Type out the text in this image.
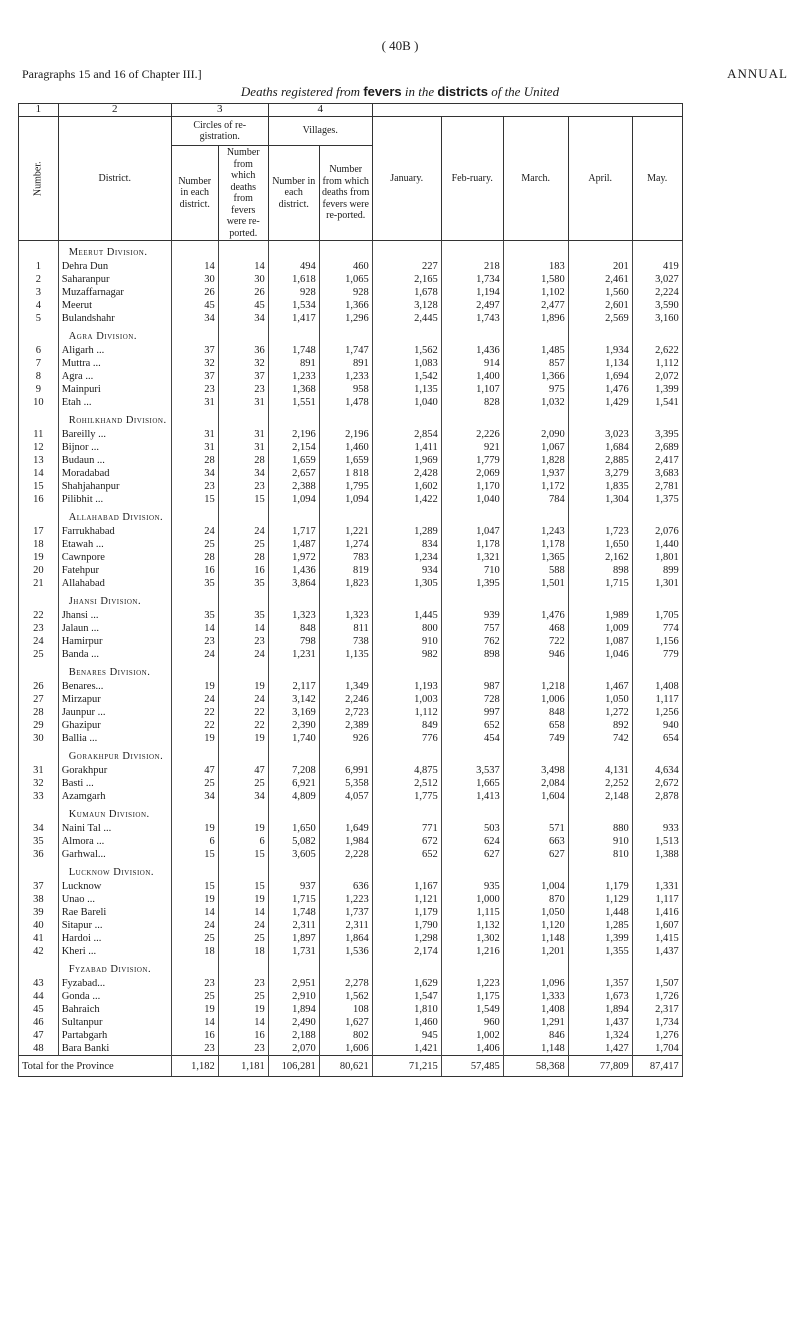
( 40B )
Paragraphs 15 and 16 of Chapter III.]	ANNUAL
Deaths registered from fevers in the districts of the United
1	2	3		4						

Number.	District.	Circles of re-gistration.		Villages.		January.	Feb-ruary.	March.	April.	May.
		Number in each district.	Number from which deaths from fevers were re-ported.	Number in each district.	Number from which deaths from fevers were re-ported.					
	Meerut Division.									
1	Dehra Dun	14	14	494	460	227	218	183	201	419
2	Saharanpur	30	30	1,618	1,065	2,165	1,734	1,580	2,461	3,027
3	Muzaffarnagar	26	26	928	928	1,678	1,194	1,102	1,560	2,224
4	Meerut	45	45	1,534	1,366	3,128	2,497	2,477	2,601	3,590
5	Bulandshahr	34	34	1,417	1,296	2,445	1,743	1,896	2,569	3,160
	Agra Division.									
6	Aligarh ...	37	36	1,748	1,747	1,562	1,436	1,485	1,934	2,622
7	Muttra ...	32	32	891	891	1,083	914	857	1,134	1,112
8	Agra ...	37	37	1,233	1,233	1,542	1,400	1,366	1,694	2,072
9	Mainpuri	23	23	1,368	958	1,135	1,107	975	1,476	1,399
10	Etah ...	31	31	1,551	1,478	1,040	828	1,032	1,429	1,541
	Rohilkhand Division.									
11	Bareilly ...	31	31	2,196	2,196	2,854	2,226	2,090	3,023	3,395
12	Bijnor ...	31	31	2,154	1,460	1,411	921	1,067	1,684	2,689
13	Budaun ...	28	28	1,659	1,659	1,969	1,779	1,828	2,885	2,417
14	Moradabad	34	34	2,657	1 818	2,428	2,069	1,937	3,279	3,683
15	Shahjahanpur	23	23	2,388	1,795	1,602	1,170	1,172	1,835	2,781
16	Pilibhit ...	15	15	1,094	1,094	1,422	1,040	784	1,304	1,375
	Allahabad Division.									
17	Farrukhabad	24	24	1,717	1,221	1,289	1,047	1,243	1,723	2,076
18	Etawah ...	25	25	1,487	1,274	834	1,178	1,178	1,650	1,440
19	Cawnpore	28	28	1,972	783	1,234	1,321	1,365	2,162	1,801
20	Fatehpur	16	16	1,436	819	934	710	588	898	899
21	Allahabad	35	35	3,864	1,823	1,305	1,395	1,501	1,715	1,301
	Jhansi Division.									
22	Jhansi ...	35	35	1,323	1,323	1,445	939	1,476	1,989	1,705
23	Jalaun ...	14	14	848	811	800	757	468	1,009	774
24	Hamirpur	23	23	798	738	910	762	722	1,087	1,156
25	Banda ...	24	24	1,231	1,135	982	898	946	1,046	779
	Benares Division.									
26	Benares...	19	19	2,117	1,349	1,193	987	1,218	1,467	1,408
27	Mirzapur	24	24	3,142	2,246	1,003	728	1,006	1,050	1,117
28	Jaunpur ...	22	22	3,169	2,723	1,112	997	848	1,272	1,256
29	Ghazipur	22	22	2,390	2,389	849	652	658	892	940
30	Ballia ...	19	19	1,740	926	776	454	749	742	654
	Gorakhpur Division.									
31	Gorakhpur	47	47	7,208	6,991	4,875	3,537	3,498	4,131	4,634
32	Basti ...	25	25	6,921	5,358	2,512	1,665	2,084	2,252	2,672
33	Azamgarh	34	34	4,809	4,057	1,775	1,413	1,604	2,148	2,878
	Kumaun Division.									
34	Naini Tal ...	19	19	1,650	1,649	771	503	571	880	933
35	Almora ...	6	6	5,082	1,984	672	624	663	910	1,513
36	Garhwal...	15	15	3,605	2,228	652	627	627	810	1,388
	Lucknow Division.									
37	Lucknow	15	15	937	636	1,167	935	1,004	1,179	1,331
38	Unao ...	19	19	1,715	1,223	1,121	1,000	870	1,129	1,117
39	Rae Bareli	14	14	1,748	1,737	1,179	1,115	1,050	1,448	1,416
40	Sitapur ...	24	24	2,311	2,311	1,790	1,132	1,120	1,285	1,607
41	Hardoi ...	25	25	1,897	1,864	1,298	1,302	1,148	1,399	1,415
42	Kheri ...	18	18	1,731	1,536	2,174	1,216	1,201	1,355	1,437
	Fyzabad Division.									
43	Fyzabad...	23	23	2,951	2,278	1,629	1,223	1,096	1,357	1,507
44	Gonda ...	25	25	2,910	1,562	1,547	1,175	1,333	1,673	1,726
45	Bahraich	19	19	1,894	108	1,810	1,549	1,408	1,894	2,317
46	Sultanpur	14	14	2,490	1,627	1,460	960	1,291	1,437	1,734
47	Partabgarh	16	16	2,188	802	945	1,002	846	1,324	1,276
48	Bara Banki	23	23	2,070	1,606	1,421	1,406	1,148	1,427	1,704
Total for the Province		1,182	1,181	106,281	80,621	71,215	57,485	58,368	77,809	87,417
